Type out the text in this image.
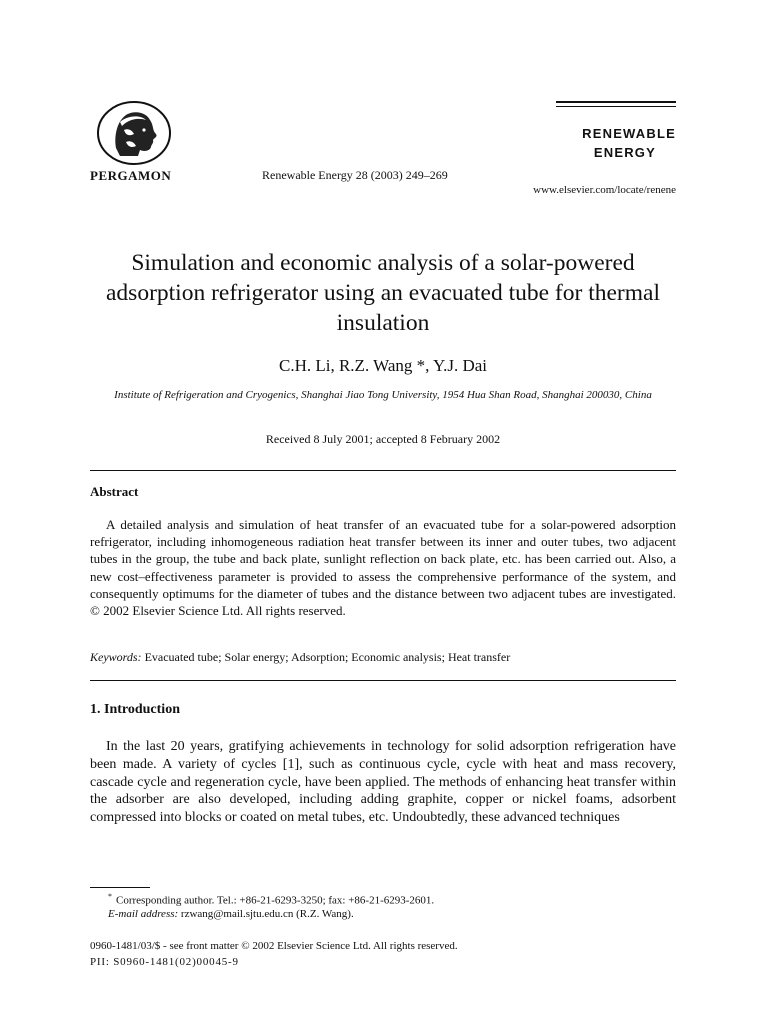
PERGAMON	Renewable Energy 28 (2003) 249–269
RENEWABLE
ENERGY
www.elsevier.com/locate/renene
Simulation and economic analysis of a solar-powered adsorption refrigerator using an evacuated tube for thermal insulation
C.H. Li, R.Z. Wang *, Y.J. Dai
Institute of Refrigeration and Cryogenics, Shanghai Jiao Tong University, 1954 Hua Shan Road, Shanghai 200030, China
Received 8 July 2001; accepted 8 February 2002
Abstract
A detailed analysis and simulation of heat transfer of an evacuated tube for a solar-powered adsorption refrigerator, including inhomogeneous radiation heat transfer between its inner and outer tubes, two adjacent tubes in the group, the tube and back plate, sunlight reflection on back plate, etc. has been carried out. Also, a new cost–effectiveness parameter is provided to assess the comprehensive performance of the system, and consequently optimums for the diameter of tubes and the distance between two adjacent tubes are investigated. © 2002 Elsevier Science Ltd. All rights reserved.
Keywords: Evacuated tube; Solar energy; Adsorption; Economic analysis; Heat transfer
1. Introduction
In the last 20 years, gratifying achievements in technology for solid adsorption refrigeration have been made. A variety of cycles [1], such as continuous cycle, cycle with heat and mass recovery, cascade cycle and regeneration cycle, have been applied. The methods of enhancing heat transfer within the adsorber are also developed, including adding graphite, copper or nickel foams, adsorbent compressed into blocks or coated on metal tubes, etc. Undoubtedly, these advanced techniques
* Corresponding author. Tel.: +86-21-6293-3250; fax: +86-21-6293-2601.
E-mail address: rzwang@mail.sjtu.edu.cn (R.Z. Wang).
0960-1481/03/$ - see front matter © 2002 Elsevier Science Ltd. All rights reserved.
PII: S0960-1481(02)00045-9
